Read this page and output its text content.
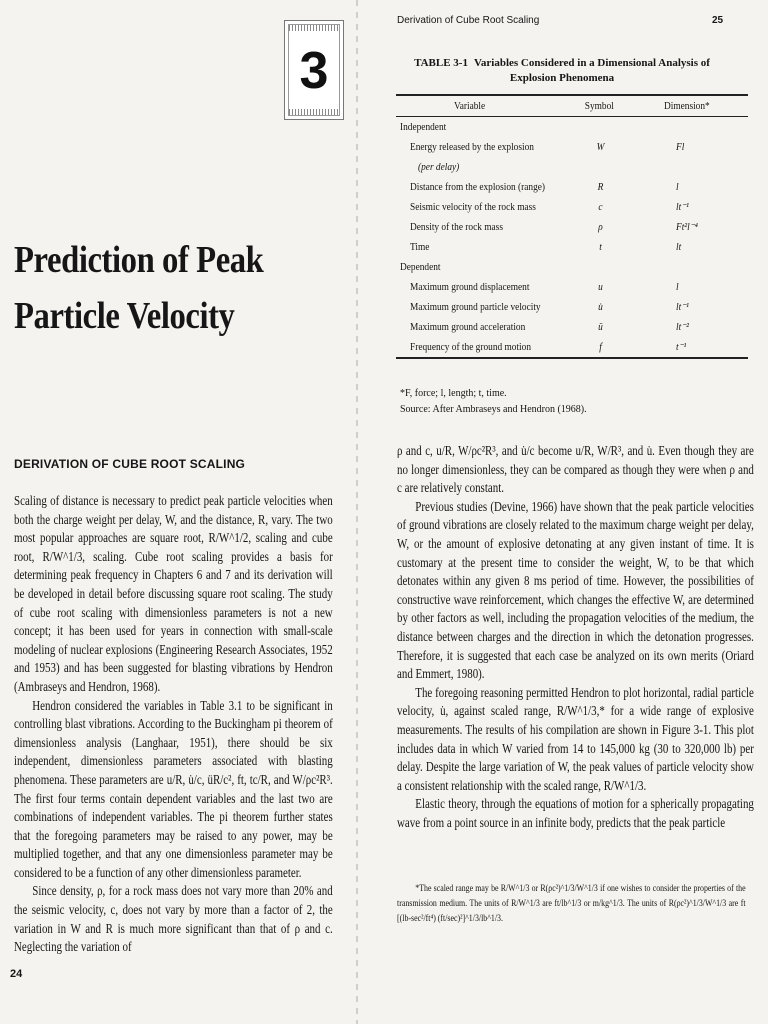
3
Prediction of Peak
Particle Velocity
DERIVATION OF CUBE ROOT SCALING

Scaling of distance is necessary to predict peak particle velocities when both the charge weight per delay, W, and the distance, R, vary. The two most popular approaches are square root, R/W^1/2, scaling and cube root, R/W^1/3, scaling. Cube root scaling provides a basis for determining peak frequency in Chapters 6 and 7 and its derivation will be developed in detail before discussing square root scaling. The study of cube root scaling with dimensionless parameters is not a new concept; it has been used for years in connection with small-scale modeling of nuclear explosions (Engineering Research Associates, 1952 and 1953) and has been suggested for blasting vibrations by Hendron (Ambraseys and Hendron, 1968).

Hendron considered the variables in Table 3.1 to be significant in controlling blast vibrations. According to the Buckingham pi theorem of dimensionless analysis (Langhaar, 1951), there should be six independent, dimensionless parameters associated with blasting phenomena. These parameters are u/R, u̇/c, üR/c², ft, tc/R, and W/ρc²R³. The first four terms contain dependent variables and the last two are combinations of independent variables. The pi theorem further states that the foregoing parameters may be raised to any power, may be multiplied together, and that any one dimensionless parameter may be considered to be a function of any other dimensionless parameter.

Since density, ρ, for a rock mass does not vary more than 20% and the seismic velocity, c, does not vary by more than a factor of 2, the variation in W and R is much more significant than that of ρ and c. Neglecting the variation of

24
Derivation of Cube Root Scaling	25
TABLE 3-1 Variables Considered in a Dimensional Analysis of Explosion Phenomena
Variable	Symbol	Dimension*
Independent
Energy released by the explosion	W	Fl
(per delay)
Distance from the explosion (range)	R	l
Seismic velocity of the rock mass	c	lt⁻¹
Density of the rock mass	ρ	Ft²l⁻⁴
Time	t	lt
Dependent
Maximum ground displacement	u	l
Maximum ground particle velocity	u̇	lt⁻¹
Maximum ground acceleration	ü	lt⁻²
Frequency of the ground motion	f	t⁻¹
*F, force; l, length; t, time.
Source: After Ambraseys and Hendron (1968).

ρ and c, u/R, W/ρc²R³, and u̇/c become u/R, W/R³, and u̇. Even though they are no longer dimensionless, they can be compared as though they were when ρ and c are relatively constant.

Previous studies (Devine, 1966) have shown that the peak particle velocities of ground vibrations are closely related to the maximum charge weight per delay, W, or the amount of explosive detonating at any given instant of time. It is customary at the present time to consider the weight, W, to be that which detonates within any given 8 ms period of time. However, the possibilities of constructive wave reinforcement, which changes the effective W, are determined by other factors as well, including the propagation velocities of the medium, the distance between charges and the direction in which the detonation progresses. Therefore, it is suggested that each case be analyzed on its own merits (Oriard and Emmert, 1980).

The foregoing reasoning permitted Hendron to plot horizontal, radial particle velocity, u̇, against scaled range, R/W^1/3,* for a wide range of explosive measurements. The results of his compilation are shown in Figure 3-1. This plot includes data in which W varied from 14 to 145,000 kg (30 to 320,000 lb) per delay. Despite the large variation of W, the peak values of particle velocity show a consistent relationship with the scaled range, R/W^1/3.

Elastic theory, through the equations of motion for a spherically propagating wave from a point source in an infinite body, predicts that the peak particle

*The scaled range may be R/W^1/3 or R(ρc²)^1/3/W^1/3 if one wishes to consider the properties of the transmission medium. The units of R/W^1/3 are ft/lb^1/3 or m/kg^1/3. The units of R(ρc²)^1/3/W^1/3 are ft [(lb-sec²/ft⁴) (ft/sec)²]^1/3/lb^1/3.
